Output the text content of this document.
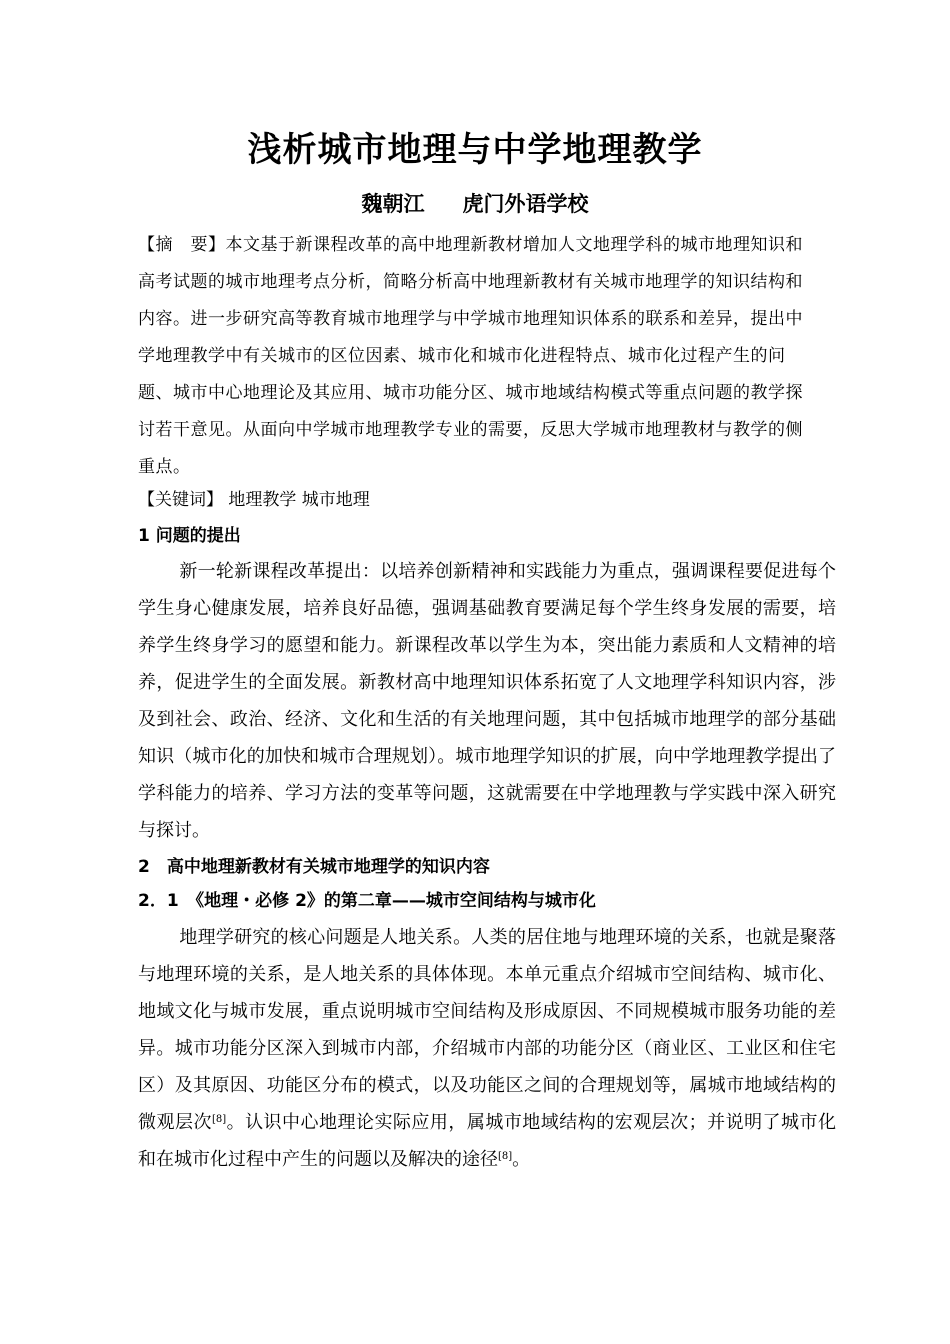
浅析城市地理与中学地理教学
魏朝江 虎门外语学校

【摘　要】本文基于新课程改革的高中地理新教材增加人文地理学科的城市地理知识和高考试题的城市地理考点分析，简略分析高中地理新教材有关城市地理学的知识结构和内容。进一步研究高等教育城市地理学与中学城市地理知识体系的联系和差异，提出中学地理教学中有关城市的区位因素、城市化和城市化进程特点、城市化过程产生的问题、城市中心地理论及其应用、城市功能分区、城市地域结构模式等重点问题的教学探讨若干意见。从面向中学城市地理教学专业的需要，反思大学城市地理教材与教学的侧重点。

【关键词】 地理教学 城市地理
1 问题的提出

新一轮新课程改革提出：以培养创新精神和实践能力为重点，强调课程要促进每个学生身心健康发展，培养良好品德，强调基础教育要满足每个学生终身发展的需要，培养学生终身学习的愿望和能力。新课程改革以学生为本，突出能力素质和人文精神的培养，促进学生的全面发展。新教材高中地理知识体系拓宽了人文地理学科知识内容，涉及到社会、政治、经济、文化和生活的有关地理问题，其中包括城市地理学的部分基础知识（城市化的加快和城市合理规划）。城市地理学知识的扩展，向中学地理教学提出了学科能力的培养、学习方法的变革等问题，这就需要在中学地理教与学实践中深入研究与探讨。

2　高中地理新教材有关城市地理学的知识内容
2．1　《地理・必修 2》的第二章——城市空间结构与城市化

地理学研究的核心问题是人地关系。人类的居住地与地理环境的关系，也就是聚落与地理环境的关系，是人地关系的具体体现。本单元重点介绍城市空间结构、城市化、地域文化与城市发展，重点说明城市空间结构及形成原因、不同规模城市服务功能的差异。城市功能分区深入到城市内部，介绍城市内部的功能分区（商业区、工业区和住宅区）及其原因、功能区分布的模式，以及功能区之间的合理规划等，属城市地域结构的微观层次[8]。认识中心地理论实际应用，属城市地域结构的宏观层次；并说明了城市化和在城市化过程中产生的问题以及解决的途径[8]。
